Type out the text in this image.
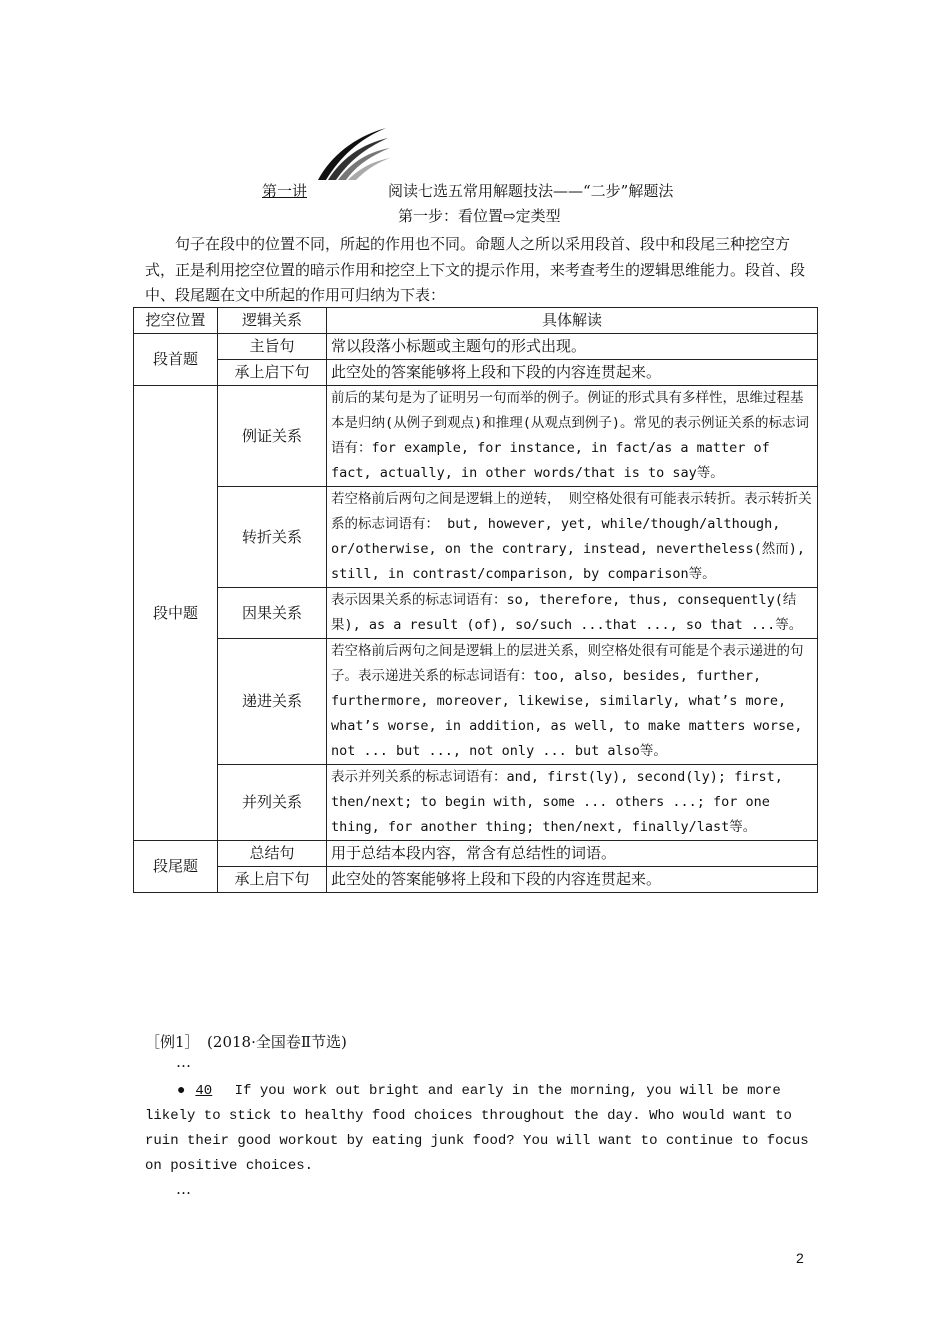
第一讲	阅读七选五常用解题技法——“二步”解题法
第一步：看位置⇨定类型

句子在段中的位置不同，所起的作用也不同。命题人之所以采用段首、段中和段尾三种挖空方式，正是利用挖空位置的暗示作用和挖空上下文的提示作用，来考查考生的逻辑思维能力。段首、段中、段尾题在文中所起的作用可归纳为下表：

挖空位置	逻辑关系	具体解读
段首题	主旨句	常以段落小标题或主题句的形式出现。
	承上启下句	此空处的答案能够将上段和下段的内容连贯起来。
段中题	例证关系	前后的某句是为了证明另一句而举的例子。例证的形式具有多样性，思维过程基本是归纳(从例子到观点)和推理(从观点到例子)。常见的表示例证关系的标志词语有：for example, for instance, in fact/as a matter of fact, actually, in other words/that is to say等。
	转折关系	若空格前后两句之间是逻辑上的逆转， 则空格处很有可能表示转折。表示转折关系的标志词语有： but, however, yet, while/though/although, or/otherwise, on the contrary, instead, nevertheless(然而), still, in contrast/comparison, by comparison等。
	因果关系	表示因果关系的标志词语有：so, therefore, thus, consequently(结果), as a result (of), so/such ...that ..., so that ...等。
	递进关系	若空格前后两句之间是逻辑上的层进关系，则空格处很有可能是个表示递进的句子。表示递进关系的标志词语有：too, also, besides, further, furthermore, moreover, likewise, similarly, what’s more, what’s worse, in addition, as well, to make matters worse, not ... but ..., not only ... but also等。
	并列关系	表示并列关系的标志词语有：and, first(ly), second(ly); first, then/next; to begin with, some ... others ...; for one thing, for another thing; then/next, finally/last等。
段尾题	总结句	用于总结本段内容，常含有总结性的词语。
	承上启下句	此空处的答案能够将上段和下段的内容连贯起来。
［例1］　(2018·全国卷Ⅱ节选)
…
● 40 If you work out bright and early in the morning, you will be more likely to stick to healthy food choices throughout the day. Who would want to ruin their good workout by eating junk food? You will want to continue to focus on positive choices.
…
2
